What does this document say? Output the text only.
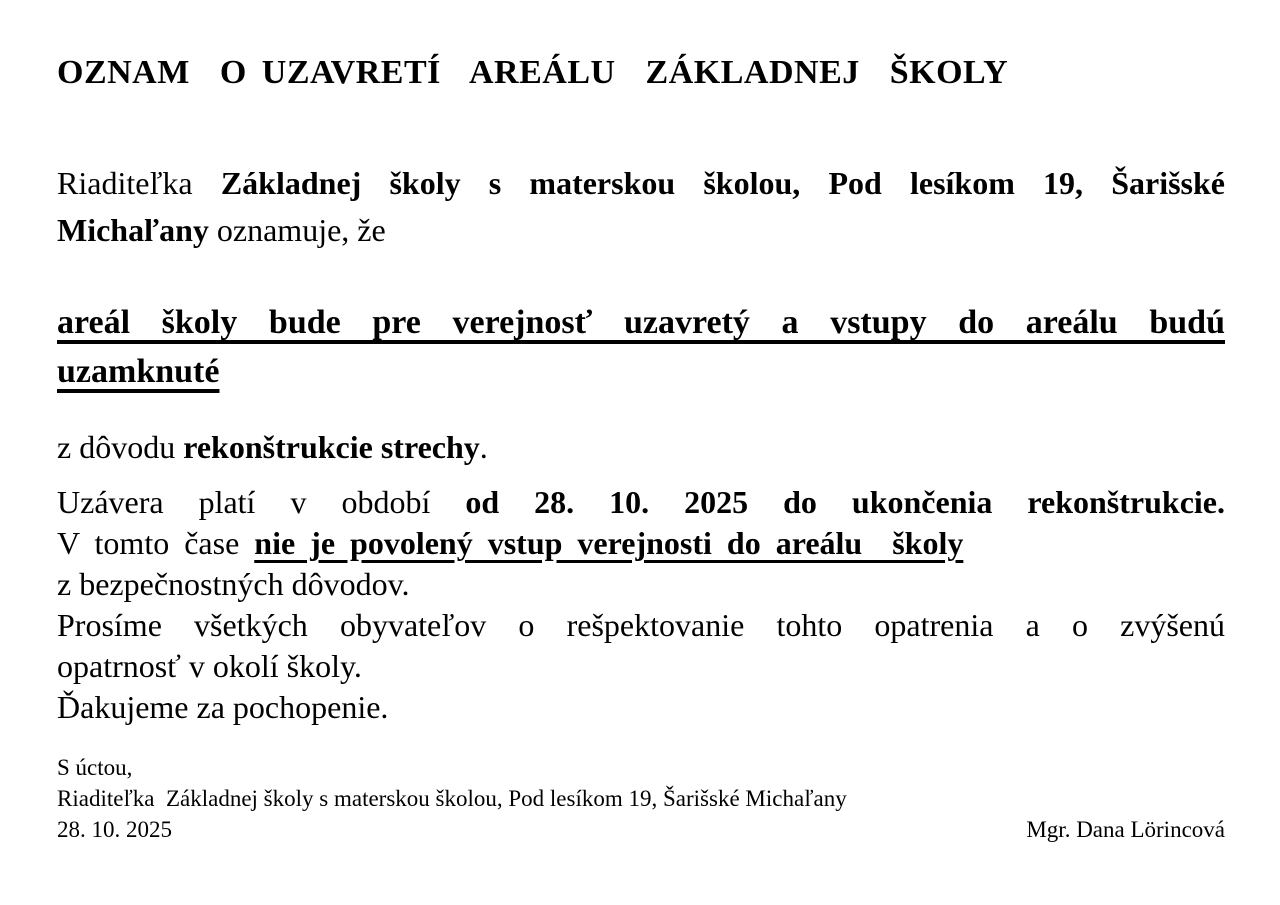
OZNAM  O UZAVRETÍ  AREÁLU  ZÁKLADNEJ  ŠKOLY
Riaditeľka Základnej školy s materskou školou, Pod lesíkom 19, Šarišské
Michaľany oznamuje, že
areál školy bude pre verejnosť uzavretý a vstupy do areálu budú
uzamknuté
z dôvodu rekonštrukcie strechy.
Uzávera platí v období od 28. 10. 2025 do ukončenia rekonštrukcie.
V tomto čase nie je povolený vstup verejnosti do areálu  školy
z bezpečnostných dôvodov.
Prosíme všetkých obyvateľov o rešpektovanie tohto opatrenia a o zvýšenú
opatrnosť v okolí školy.
Ďakujeme za pochopenie.
S úctou,
Riaditeľka  Základnej školy s materskou školou, Pod lesíkom 19, Šarišské Michaľany
28. 10. 2025	Mgr. Dana Lörincová
